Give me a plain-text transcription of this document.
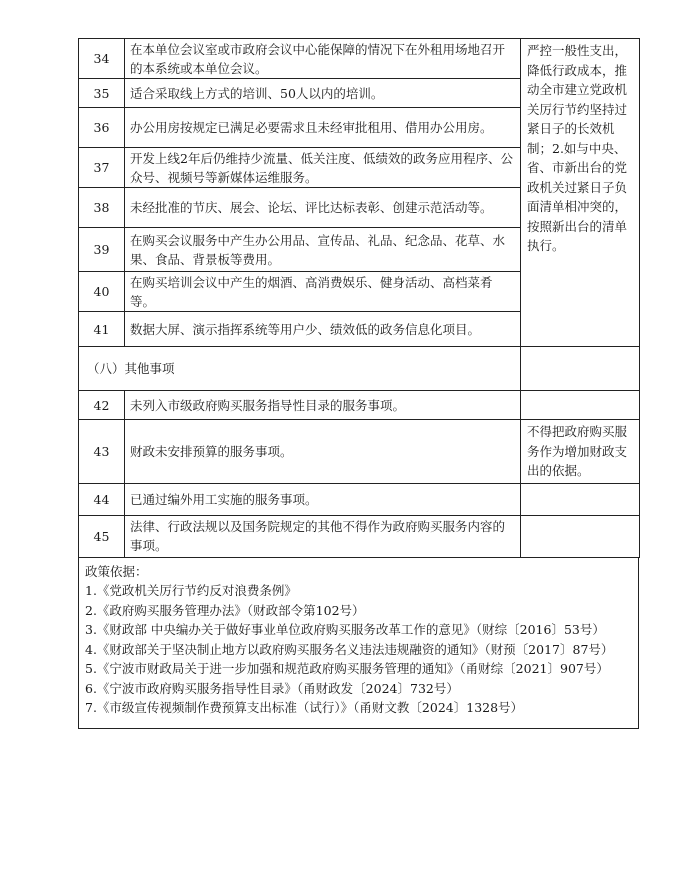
34	在本单位会议室或市政府会议中心能保障的情况下在外租用场地召开的本系统或本单位会议。	严控一般性支出，降低行政成本，推动全市建立党政机关厉行节约坚持过紧日子的长效机制；2.如与中央、省、市新出台的党政机关过紧日子负面清单相冲突的，按照新出台的清单执行。
35	适合采取线上方式的培训、50人以内的培训。	
36	办公用房按规定已满足必要需求且未经审批租用、借用办公用房。	
37	开发上线2年后仍维持少流量、低关注度、低绩效的政务应用程序、公众号、视频号等新媒体运维服务。	
38	未经批准的节庆、展会、论坛、评比达标表彰、创建示范活动等。	
39	在购买会议服务中产生办公用品、宣传品、礼品、纪念品、花草、水果、食品、背景板等费用。	
40	在购买培训会议中产生的烟酒、高消费娱乐、健身活动、高档菜肴等。	
41	数据大屏、演示指挥系统等用户少、绩效低的政务信息化项目。	
（八）其他事项		
42	未列入市级政府购买服务指导性目录的服务事项。	
43	财政未安排预算的服务事项。	不得把政府购买服务作为增加财政支出的依据。
44	已通过编外用工实施的服务事项。	
45	法律、行政法规以及国务院规定的其他不得作为政府购买服务内容的事项。	
政策依据：
1.《党政机关厉行节约反对浪费条例》
2.《政府购买服务管理办法》（财政部令第102号）
3.《财政部 中央编办关于做好事业单位政府购买服务改革工作的意见》（财综〔2016〕53号）
4.《财政部关于坚决制止地方以政府购买服务名义违法违规融资的通知》（财预〔2017〕87号）
5.《宁波市财政局关于进一步加强和规范政府购买服务管理的通知》（甬财综〔2021〕907号）
6.《宁波市政府购买服务指导性目录》（甬财政发〔2024〕732号）
7.《市级宣传视频制作费预算支出标准（试行）》（甬财文教〔2024〕1328号）
